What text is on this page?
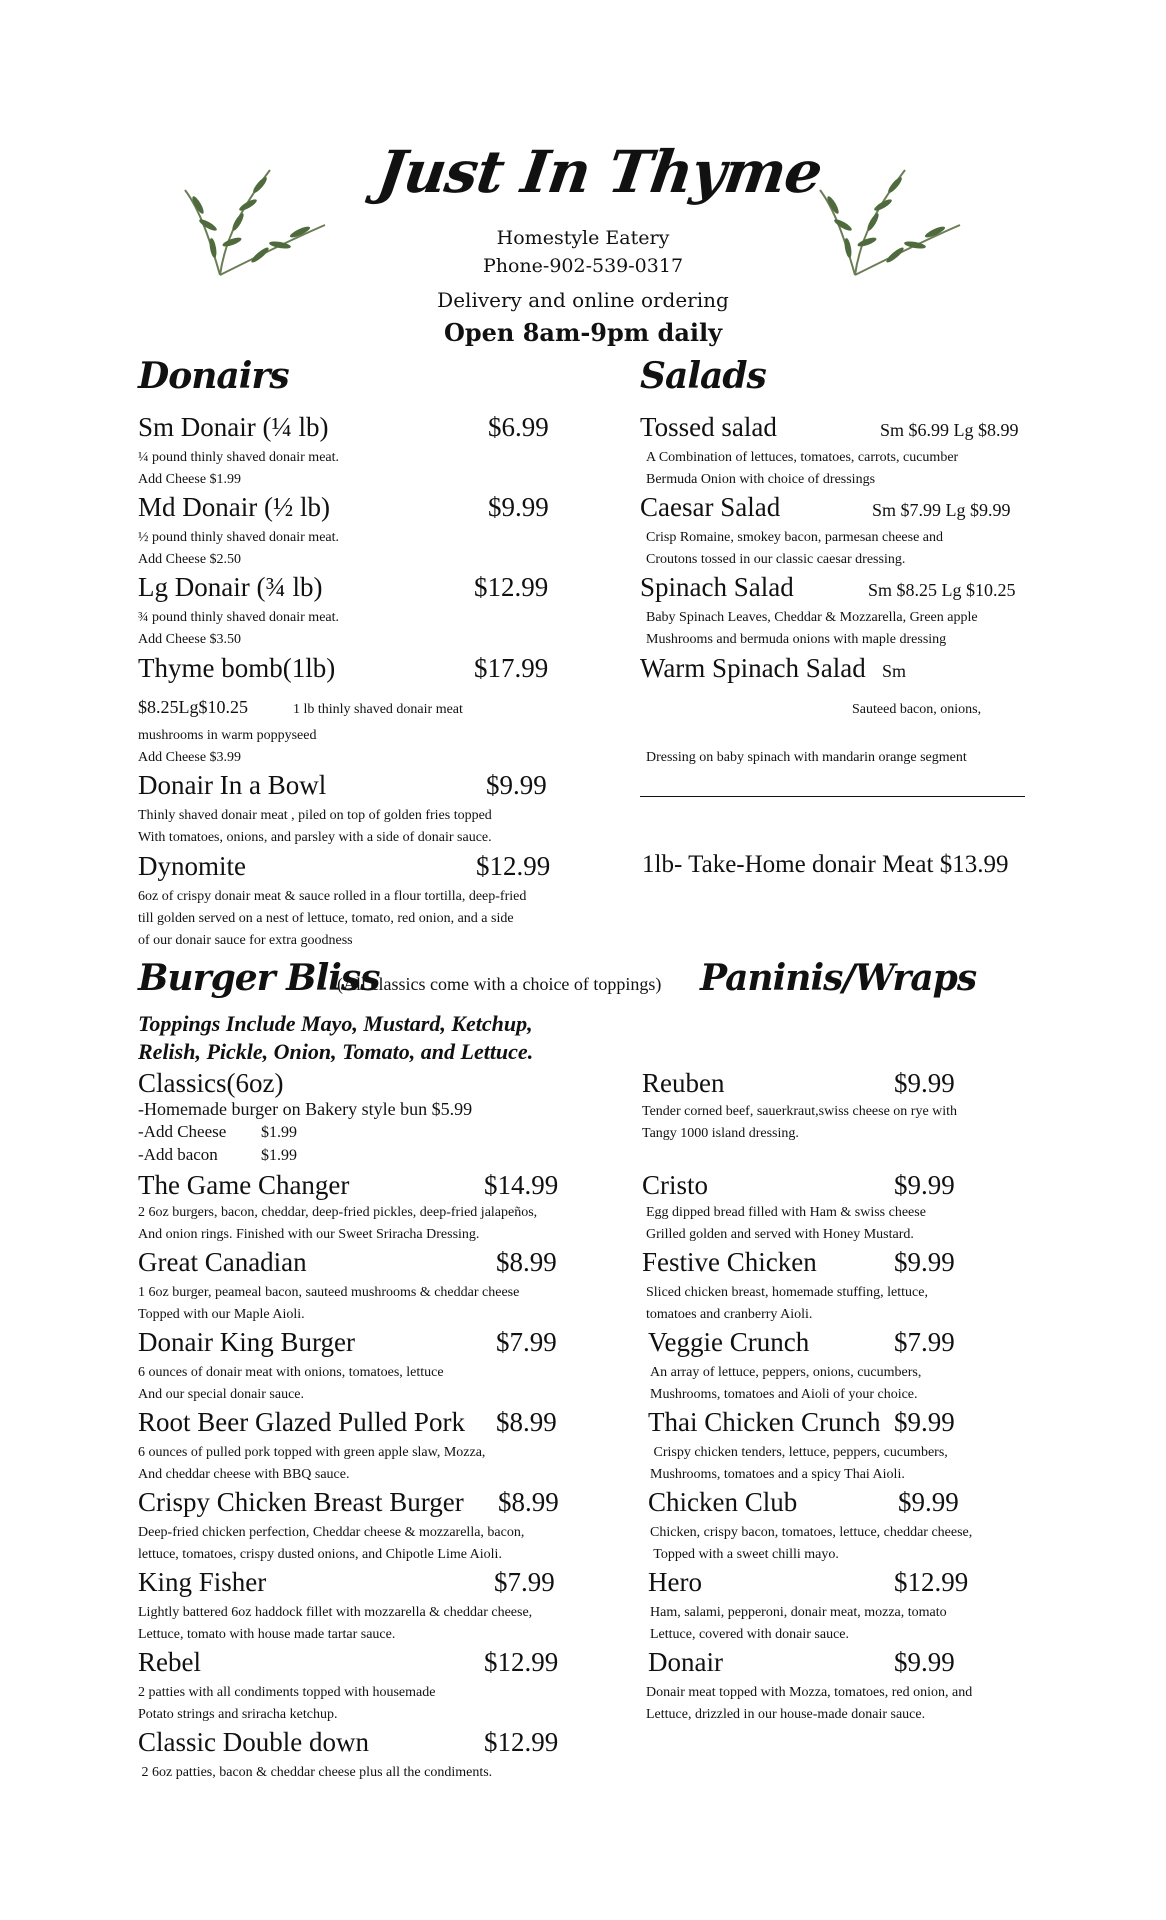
Just In Thyme
Homestyle Eatery
Phone-902-539-0317
Delivery and online ordering
Open 8am-9pm daily
Donairs	Salads
Sm Donair (¼ lb)	$6.99
¼ pound thinly shaved donair meat.
Add Cheese $1.99
Md Donair (½ lb)	$9.99
½ pound thinly shaved donair meat.
Add Cheese $2.50
Lg Donair (¾ lb)	$12.99
¾ pound thinly shaved donair meat.
Add Cheese $3.50
Thyme bomb(1lb)	$17.99
$8.25Lg$10.25	1 lb thinly shaved donair meat	Sauteed bacon, onions,
mushrooms in warm poppyseed
Add Cheese $3.99	Dressing on baby spinach with mandarin orange segment
Donair In a Bowl	$9.99
Thinly shaved donair meat , piled on top of golden fries topped
With tomatoes, onions, and parsley with a side of donair sauce.
Dynomite	$12.99
6oz of crispy donair meat & sauce rolled in a flour tortilla, deep-fried
till golden served on a nest of lettuce, tomato, red onion, and a side
of our donair sauce for extra goodness
Tossed salad	Sm $6.99 Lg $8.99
A Combination of lettuces, tomatoes, carrots, cucumber
Bermuda Onion with choice of dressings
Caesar Salad	Sm $7.99 Lg $9.99
Crisp Romaine, smokey bacon, parmesan cheese and
Croutons tossed in our classic caesar dressing.
Spinach Salad	Sm $8.25 Lg $10.25
Baby Spinach Leaves, Cheddar & Mozzarella, Green apple
Mushrooms and bermuda onions with maple dressing
Warm Spinach Salad Sm
1lb- Take-Home donair Meat $13.99
Burger Bliss
(All classics come with a choice of toppings) Paninis/Wraps
Toppings Include Mayo, Mustard, Ketchup,
Relish, Pickle, Onion, Tomato, and Lettuce.
Classics(6oz)
-Homemade burger on Bakery style bun $5.99
-Add Cheese $1.99
-Add bacon	$1.99
The Game Changer	$14.99
2 6oz burgers, bacon, cheddar, deep-fried pickles, deep-fried jalapeños,
And onion rings. Finished with our Sweet Sriracha Dressing.
Great Canadian	$8.99
1 6oz burger, peameal bacon, sauteed mushrooms & cheddar cheese
Topped with our Maple Aioli.
Donair King Burger	$7.99
6 ounces of donair meat with onions, tomatoes, lettuce
And our special donair sauce.
Root Beer Glazed Pulled Pork $8.99
6 ounces of pulled pork topped with green apple slaw, Mozza,
And cheddar cheese with BBQ sauce.
Crispy Chicken Breast Burger $8.99
Deep-fried chicken perfection, Cheddar cheese & mozzarella, bacon,
lettuce, tomatoes, crispy dusted onions, and Chipotle Lime Aioli.
King Fisher	$7.99
Lightly battered 6oz haddock fillet with mozzarella & cheddar cheese,
Lettuce, tomato with house made tartar sauce.
Rebel	$12.99
2 patties with all condiments topped with housemade
Potato strings and sriracha ketchup.
Classic Double down	$12.99
2 6oz patties, bacon & cheddar cheese plus all the condiments.
Reuben	$9.99
Tender corned beef, sauerkraut,swiss cheese on rye with
Tangy 1000 island dressing.
Cristo	$9.99
Egg dipped bread filled with Ham & swiss cheese
Grilled golden and served with Honey Mustard.
Festive Chicken	$9.99
Sliced chicken breast, homemade stuffing, lettuce,
tomatoes and cranberry Aioli.
Veggie Crunch	$7.99
An array of lettuce, peppers, onions, cucumbers,
Mushrooms, tomatoes and Aioli of your choice.
Thai Chicken Crunch $9.99
Crispy chicken tenders, lettuce, peppers, cucumbers,
Mushrooms, tomatoes and a spicy Thai Aioli.
Chicken Club	$9.99
Chicken, crispy bacon, tomatoes, lettuce, cheddar cheese,
Topped with a sweet chilli mayo.
Hero	$12.99
Ham, salami, pepperoni, donair meat, mozza, tomato
Lettuce, covered with donair sauce.
Donair	$9.99
Donair meat topped with Mozza, tomatoes, red onion, and
Lettuce, drizzled in our house-made donair sauce.
